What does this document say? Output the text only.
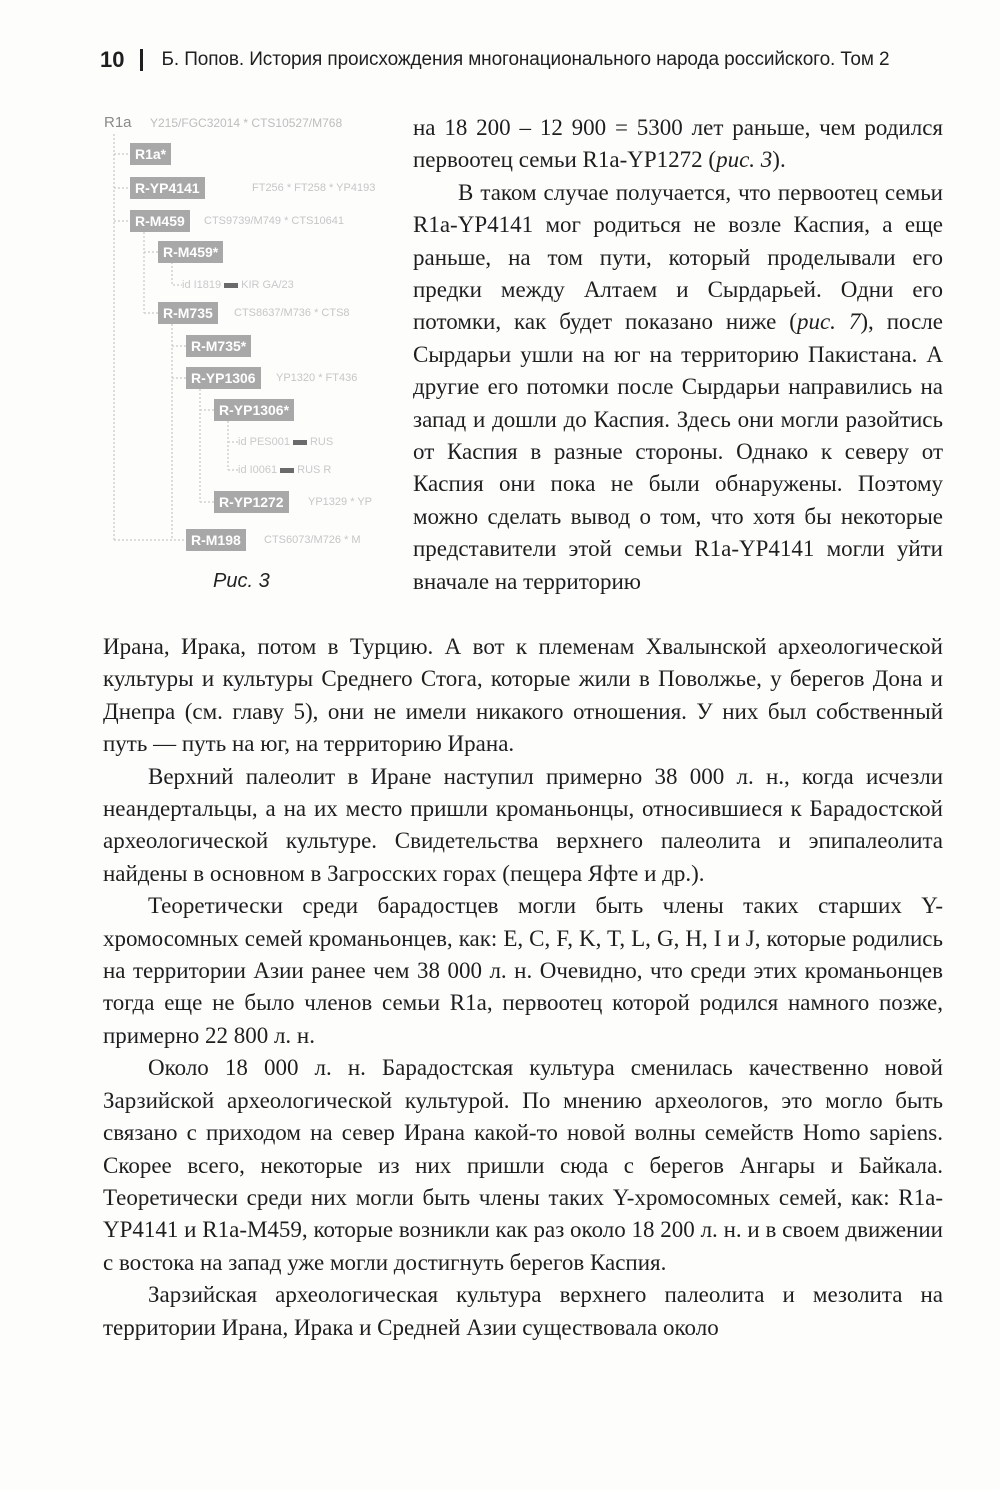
10 Б. Попов. История происхождения многонационального народа российского. Том 2
R1a Y215/FGC32014 * CTS10527/M768
R1a*
R-YP4141	FT256 * FT258 * YP4193
R-M459	CTS9739/M749 * CTS10641
R-M459*
id I1819 KIR GA/23
R-M735	CTS8637/M736 * CTS8
R-M735*
R-YP1306	YP1320 * FT436
R-YP1306*
id PES001 RUS
id I0061 RUS R
R-YP1272	YP1329 * YP
R-M198	CTS6073/M726 * M
Рис. 3

на 18 200 – 12 900 = 5300 лет раньше, чем родился первоотец семьи R1a-YP1272 (рис. 3).

В таком случае получается, что первоотец семьи R1a-YP4141 мог родиться не возле Каспия, а еще раньше, на том пути, который проделывали его предки между Алтаем и Сырдарьей. Одни его потомки, как будет показано ниже (рис. 7), после Сырдарьи ушли на юг на территорию Пакистана. А другие его потомки после Сырдарьи направились на запад и дошли до Каспия. Здесь они могли разойтись от Каспия в разные стороны. Однако к северу от Каспия они пока не были обнаружены. Поэтому можно сделать вывод о том, что хотя бы некоторые представители этой семьи R1a-YP4141 могли уйти вначале на территорию

Ирана, Ирака, потом в Турцию. А вот к племенам Хвалынской археологической культуры и культуры Среднего Стога, которые жили в Поволжье, у берегов Дона и Днепра (см. главу 5), они не имели никакого отношения. У них был собственный путь — путь на юг, на территорию Ирана.

Верхний палеолит в Иране наступил примерно 38 000 л. н., когда исчезли неандертальцы, а на их место пришли кроманьонцы, относившиеся к Барадостской археологической культуре. Свидетельства верхнего палеолита и эпипалеолита найдены в основном в Загросских горах (пещера Яфте и др.).

Теоретически среди барадостцев могли быть члены таких старших Y-хромосомных семей кроманьонцев, как: E, C, F, K, T, L, G, H, I и J, которые родились на территории Азии ранее чем 38 000 л. н. Очевидно, что среди этих кроманьонцев тогда еще не было членов семьи R1a, первоотец которой родился намного позже, примерно 22 800 л. н.

Около 18 000 л. н. Барадостская культура сменилась качественно новой Зарзийской археологической культурой. По мнению археологов, это могло быть связано с приходом на север Ирана какой-то новой волны семейств Homo sapiens. Скорее всего, некоторые из них пришли сюда с берегов Ангары и Байкала. Теоретически среди них могли быть члены таких Y-хромосомных семей, как: R1a-YP4141 и R1a-M459, которые возникли как раз около 18 200 л. н. и в своем движении с востока на запад уже могли достигнуть берегов Каспия.

Зарзийская археологическая культура верхнего палеолита и мезолита на территории Ирана, Ирака и Средней Азии существовала около
